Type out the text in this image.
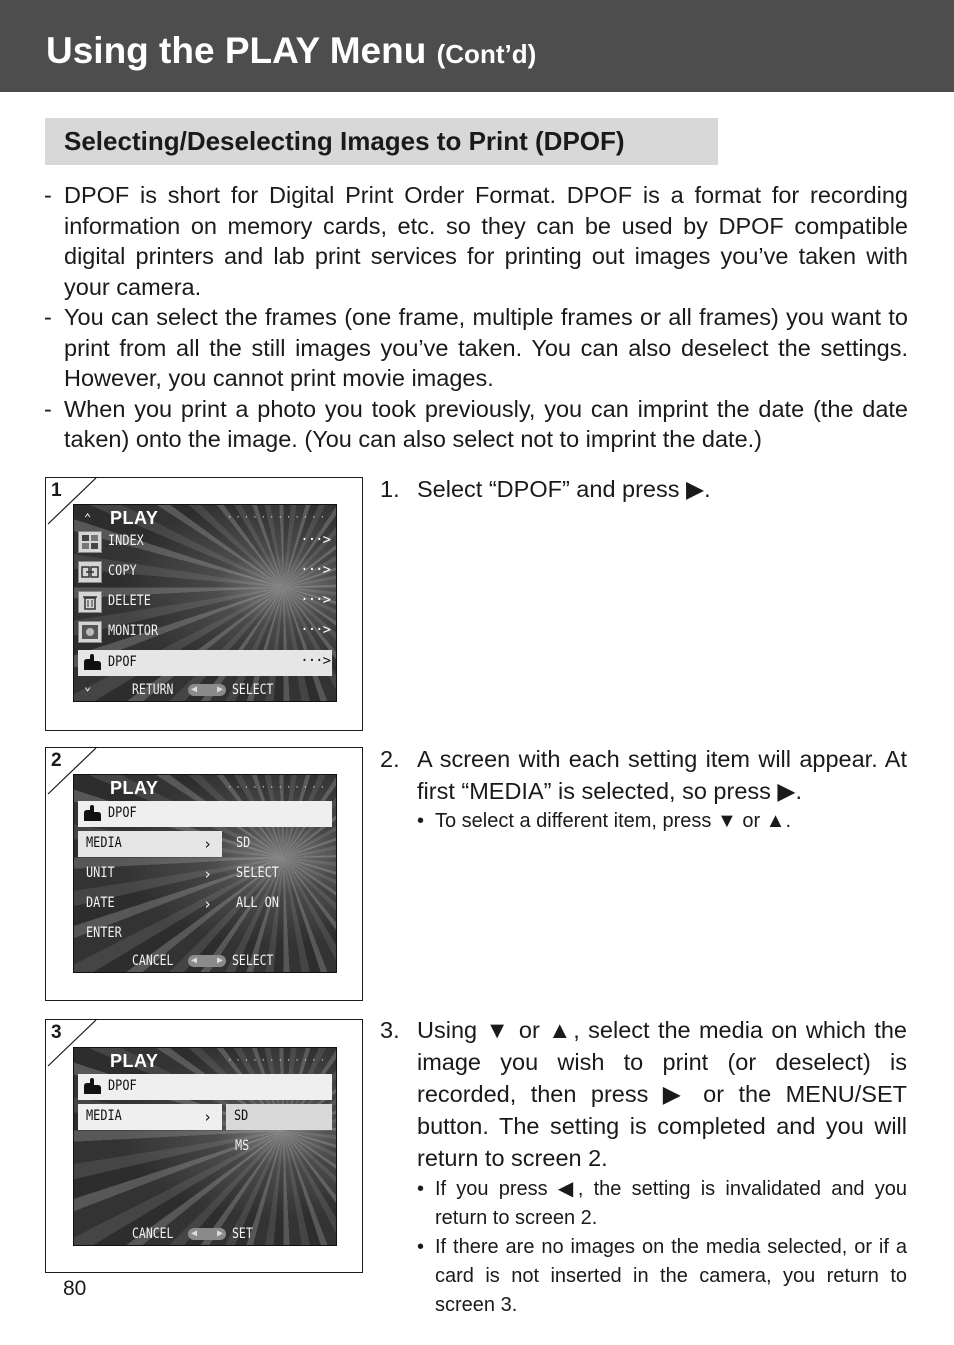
Using the PLAY Menu (Cont’d)
Selecting/Deselecting Images to Print (DPOF)
- DPOF is short for Digital Print Order Format. DPOF is a format for recording information on memory cards, etc. so they can be used by DPOF compatible digital printers and lab print services for printing out images you’ve taken with your camera.
- You can select the frames (one frame, multiple frames or all frames) you want to print from all the still images you’ve taken. You can also deselect the settings. However, you cannot print movie images.
- When you print a photo you took previously, you can imprint the date (the date taken) onto the image. (You can also select not to imprint the date.)
1
⌃ PLAY	············
INDEX	···>
COPY	···>
DELETE	···>
MONITOR	···>
DPOF	···>
⌄	RETURN ◀ ▶ SELECT
2
PLAY	············
DPOF
MEDIA	› SD
UNIT	› SELECT
DATE	› ALL ON
ENTER
CANCEL ◀ ▶ SELECT
3
PLAY	············
DPOF
MEDIA	› SD
MS
CANCEL ◀ ▶ SET
1. Select “DPOF” and press ▶.
2. A screen with each setting item will appear. At first “MEDIA” is selected, so press ▶.
• To select a different item, press ▼ or ▲.
3. Using ▼ or ▲, select the media on which the image you wish to print (or deselect) is recorded, then press ▶ or the MENU/SET button. The setting is completed and you will return to screen 2.
• If you press ◀, the setting is invalidated and you return to screen 2.
• If there are no images on the media selected, or if a card is not inserted in the camera, you return to screen 3.
80
